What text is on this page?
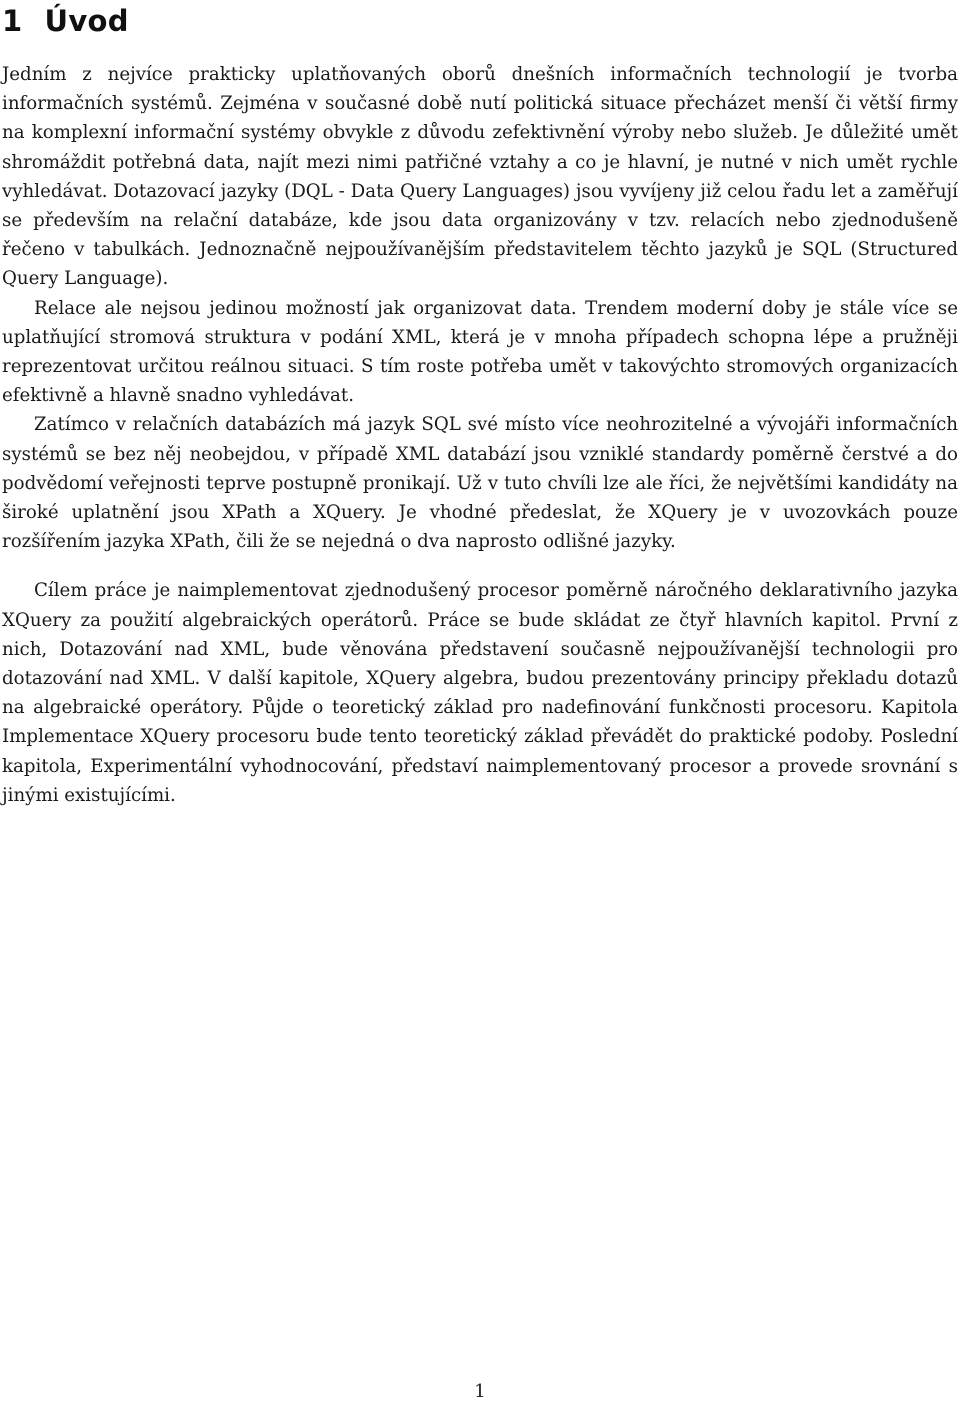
1 Úvod

Jedním z nejvíce prakticky uplatňovaných oborů dnešních informačních technologií je tvorba informačních systémů. Zejména v současné době nutí politická situace přecházet menší či větší firmy na komplexní informační systémy obvykle z důvodu zefektivnění výroby nebo služeb. Je důležité umět shromáždit potřebná data, najít mezi nimi patřičné vztahy a co je hlavní, je nutné v nich umět rychle vyhledávat. Dotazovací jazyky (DQL - Data Query Languages) jsou vyvíjeny již celou řadu let a zaměřují se především na relační databáze, kde jsou data organizovány v tzv. relacích nebo zjednodušeně řečeno v tabulkách. Jednoznačně nejpoužívanějším představitelem těchto jazyků je SQL (Structured Query Language).

Relace ale nejsou jedinou možností jak organizovat data. Trendem moderní doby je stále více se uplatňující stromová struktura v podání XML, která je v mnoha případech schopna lépe a pružněji reprezentovat určitou reálnou situaci. S tím roste potřeba umět v takovýchto stromových organizacích efektivně a hlavně snadno vyhledávat.

Zatímco v relačních databázích má jazyk SQL své místo více neohrozitelné a vývojáři informačních systémů se bez něj neobejdou, v případě XML databází jsou vzniklé standardy poměrně čerstvé a do podvědomí veřejnosti teprve postupně pronikají. Už v tuto chvíli lze ale říci, že největšími kandidáty na široké uplatnění jsou XPath a XQuery. Je vhodné předeslat, že XQuery je v uvozovkách pouze rozšířením jazyka XPath, čili že se nejedná o dva naprosto odlišné jazyky.

Cílem práce je naimplementovat zjednodušený procesor poměrně náročného deklarativního jazyka XQuery za použití algebraických operátorů. Práce se bude skládat ze čtyř hlavních kapitol. První z nich, Dotazování nad XML, bude věnována představení současně nejpoužívanější technologii pro dotazování nad XML. V další kapitole, XQuery algebra, budou prezentovány principy překladu dotazů na algebraické operátory. Půjde o teoretický základ pro nadefinování funkčnosti procesoru. Kapitola Implementace XQuery procesoru bude tento teoretický základ převádět do praktické podoby. Poslední kapitola, Experimentální vyhodnocování, představí naimplementovaný procesor a provede srovnání s jinými existujícími.

1
